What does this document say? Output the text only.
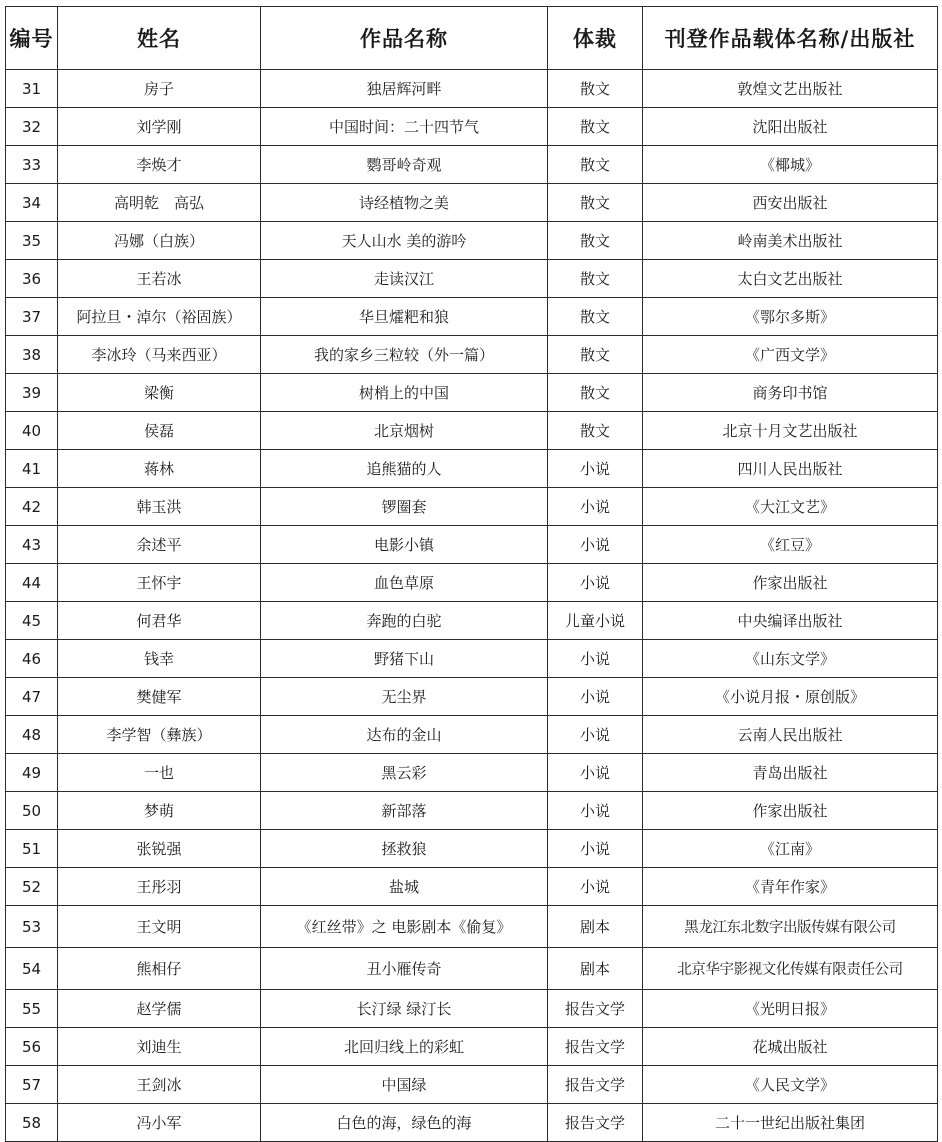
编号	姓名	作品名称	体裁	刊登作品载体名称/出版社
31	房子	独居辉河畔	散文	敦煌文艺出版社
32	刘学刚	中国时间：二十四节气	散文	沈阳出版社
33	李焕才	鹦哥岭奇观	散文	《椰城》
34	高明乾　高弘	诗经植物之美	散文	西安出版社
35	冯娜（白族）	天人山水 美的游吟	散文	岭南美术出版社
36	王若冰	走读汉江	散文	太白文艺出版社
37	阿拉旦・淖尔（裕固族）	华旦㸌粑和狼	散文	《鄂尔多斯》
38	李冰玲（马来西亚）	我的家乡三粒较（外一篇）	散文	《广西文学》
39	梁衡	树梢上的中国	散文	商务印书馆
40	侯磊	北京烟树	散文	北京十月文艺出版社
41	蒋林	追熊猫的人	小说	四川人民出版社
42	韩玉洪	锣圈套	小说	《大江文艺》
43	余述平	电影小镇	小说	《红豆》
44	王怀宇	血色草原	小说	作家出版社
45	何君华	奔跑的白驼	儿童小说	中央编译出版社
46	钱幸	野猪下山	小说	《山东文学》
47	樊健军	无尘界	小说	《小说月报・原创版》
48	李学智（彝族）	达布的金山	小说	云南人民出版社
49	一也	黑云彩	小说	青岛出版社
50	梦萌	新部落	小说	作家出版社
51	张锐强	拯救狼	小说	《江南》
52	王彤羽	盐城	小说	《青年作家》
53	王文明	《红丝带》之 电影剧本《偷复》	剧本	黑龙江东北数字出版传媒有限公司
54	熊相仔	丑小雁传奇	剧本	北京华宇影视文化传媒有限责任公司
55	赵学儒	长汀绿 绿汀长	报告文学	《光明日报》
56	刘迪生	北回归线上的彩虹	报告文学	花城出版社
57	王剑冰	中国绿	报告文学	《人民文学》
58	冯小军	白色的海，绿色的海	报告文学	二十一世纪出版社集团
